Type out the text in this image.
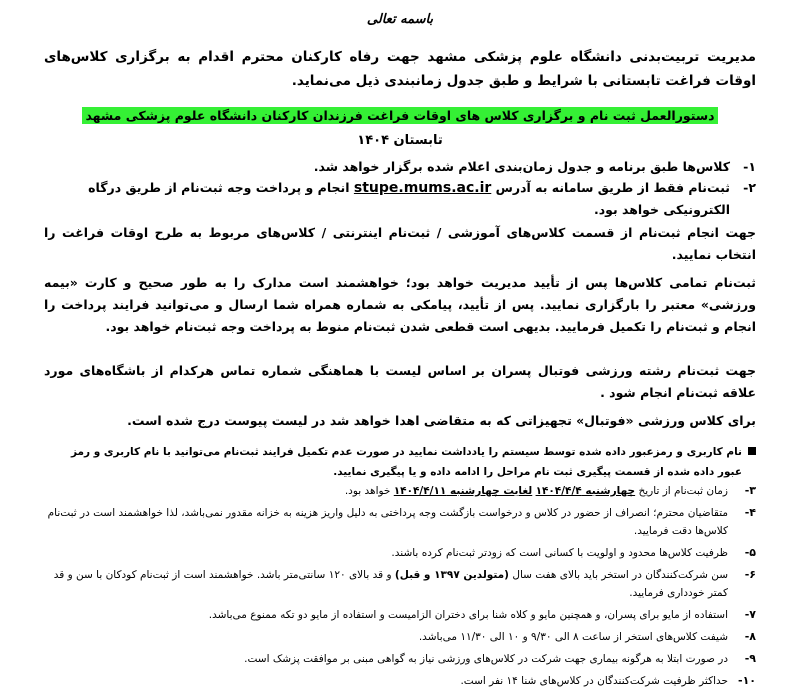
باسمه تعالی

مدیریت تربیت‌بدنی دانشگاه علوم پزشکی مشهد جهت رفاه کارکنان محترم اقدام به برگزاری کلاس‌های اوقات فراغت تابستانی با شرایط و طبق جدول زمانبندی ذیل می‌نماید.

دستورالعمل ثبت نام و برگزاری کلاس های اوقات فراغت فرزندان کارکنان دانشگاه علوم پزشکی مشهد
تابستان ۱۴۰۴
۱-
کلاس‌ها طبق برنامه و جدول زمان‌بندی اعلام شده برگزار خواهد شد.
۲-
ثبت‌نام فقط از طریق سامانه به آدرس stupe.mums.ac.ir انجام و پرداخت وجه ثبت‌نام از طریق درگاه الکترونیکی خواهد بود.

جهت انجام ثبت‌نام از قسمت کلاس‌های آموزشی / ثبت‌نام اینترنتی / کلاس‌های مربوط به طرح اوقات فراغت را انتخاب نمایید.

ثبت‌نام تمامی کلاس‌ها پس از تأیید مدیریت خواهد بود؛ خواهشمند است مدارک را به طور صحیح و کارت «بیمه ورزشی» معتبر را بارگزاری نمایید. پس از تأیید، پیامکی به شماره همراه شما ارسال و می‌توانید فرایند پرداخت را انجام و ثبت‌نام را تکمیل فرمایید. بدیهی است قطعی شدن ثبت‌نام منوط به پرداخت وجه ثبت‌نام خواهد بود.

جهت ثبت‌نام رشته ورزشی فوتبال پسران بر اساس لیست با هماهنگی شماره تماس هرکدام از باشگاه‌های مورد علاقه ثبت‌نام انجام شود .

برای کلاس ورزشی «فوتبال» تجهیزاتی که به متقاضی اهدا خواهد شد در لیست پیوست درج شده است.

نام کاربری و رمزعبور داده شده توسط سیستم را یادداشت نمایید در صورت عدم تکمیل فرایند ثبت‌نام می‌توانید با نام کاربری و رمز عبور داده شده از قسمت پیگیری ثبت نام مراحل را ادامه داده و یا پیگیری نمایید.
۳-
زمان ثبت‌نام از تاریخ چهارشنبه ۱۴۰۴/۴/۴ لغایت چهارشنبه ۱۴۰۴/۴/۱۱ خواهد بود.
۴-
متقاضیان محترم؛ انصراف از حضور در کلاس و درخواست بازگشت وجه پرداختی به دلیل واریز هزینه به خزانه مقدور نمی‌باشد، لذا خواهشمند است در ثبت‌نام کلاس‌ها دقت فرمایید.
۵-
ظرفیت کلاس‌ها محدود و اولویت با کسانی است که زودتر ثبت‌نام کرده باشند.
۶-
سن شرکت‌کنندگان در استخر باید بالای هفت سال (متولدین ۱۳۹۷ و قبل) و قد بالای ۱۲۰ سانتی‌متر باشد. خواهشمند است از ثبت‌نام کودکان با سن و قد کمتر خودداری فرمایید.
۷-
استفاده از مایو برای پسران، و همچنین مایو و کلاه شنا برای دختران الزامیست و استفاده از مایو دو تکه ممنوع می‌باشد.
۸-
شیفت کلاس‌های استخر از ساعت ۸ الی ۹/۳۰ و ۱۰ الی ۱۱/۳۰ می‌باشد.
۹-
در صورت ابتلا به هرگونه بیماری جهت شرکت در کلاس‌های ورزشی نیاز به گواهی مبنی بر موافقت پزشک است.
۱۰-
حداکثر ظرفیت شرکت‌کنندگان در کلاس‌های شنا ۱۴ نفر است.
